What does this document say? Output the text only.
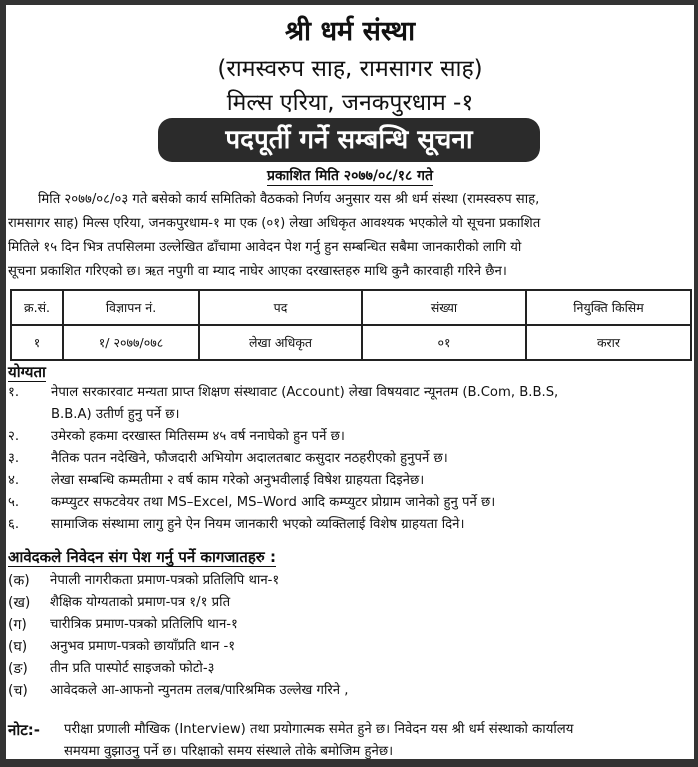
श्री धर्म संस्था
(रामस्वरुप साह, रामसागर साह)
मिल्स एरिया, जनकपुरधाम -१
पदपूर्ती गर्ने सम्बन्धि सूचना
प्रकाशित मिति २०७७/०८/१८ गते

मिति २०७७/०८/०३ गते बसेको कार्य समितिको वैठकको निर्णय अनुसार यस श्री धर्म संस्था (रामस्वरुप साह,

रामसागर साह) मिल्स एरिया, जनकपुरधाम-१ मा एक (०१) लेखा अधिकृत आवश्यक भएकोले यो सूचना प्रकाशित

मितिले १५ दिन भित्र तपसिलमा उल्लेखित ढाँचामा आवेदन पेश गर्नु हुन सम्बन्धित सबैमा जानकारीको लागि यो

सूचना प्रकाशित गरिएको छ। ऋत नपुगी वा म्याद नाघेर आएका दरखास्तहरु माथि कुनै कारवाही गरिने छैन।

क्र.सं.	विज्ञापन नं.	पद	संख्या	नियुक्ति किसिम
१	१/ २०७७/०७८	लेखा अधिकृत	०१	करार
योग्यता
१.	नेपाल सरकारवाट मन्यता प्राप्त शिक्षण संस्थावाट (Account) लेखा विषयवाट न्यूनतम (B.Com, B.B.S,
B.B.A) उतीर्ण हुनु पर्ने छ।
२.	उमेरको हकमा दरखास्त मितिसम्म ४५ वर्ष ननाघेको हुन पर्ने छ।
३.	नैतिक पतन नदेखिने, फौजदारी अभियोग अदालतबाट कसुदार नठहरीएको हुनुपर्ने छ।
४.	लेखा सम्बन्धि कम्मतीमा २ वर्ष काम गरेको अनुभवीलाई विषेश ग्राहयता दिइनेछ।
५.	कम्प्युटर सफटवेयर तथा MS–Excel, MS–Word आदि कम्प्युटर प्रोग्राम जानेको हुनु पर्ने छ।
६.	सामाजिक संस्थामा लागु हुने ऐन नियम जानकारी भएको व्यक्तिलाई विशेष ग्राहयता दिने।
आवेदकले निवेदन संग पेश गर्नु पर्ने कागजातहरु :
(क)	नेपाली नागरीकता प्रमाण-पत्रको प्रतिलिपि थान-१
(ख)	शैक्षिक योग्यताको प्रमाण-पत्र १/१ प्रति
(ग)	चारीत्रिक प्रमाण-पत्रको प्रतिलिपि थान-१
(घ)	अनुभव प्रमाण-पत्रको छायाँप्रति थान -१
(ङ)	तीन प्रति पास्पोर्ट साइजको फोटो-३
(च)	आवेदकले आ-आफनो न्युनतम तलब/पारिश्रमिक उल्लेख गरिने ,
नोट:-	परीक्षा प्रणाली मौखिक (Interview) तथा प्रयोगात्मक समेत हुने छ। निवेदन यस श्री धर्म संस्थाको कार्यालय
समयमा वुझाउनु पर्ने छ। परिक्षाको समय संस्थाले तोके बमोजिम हुनेछ।
